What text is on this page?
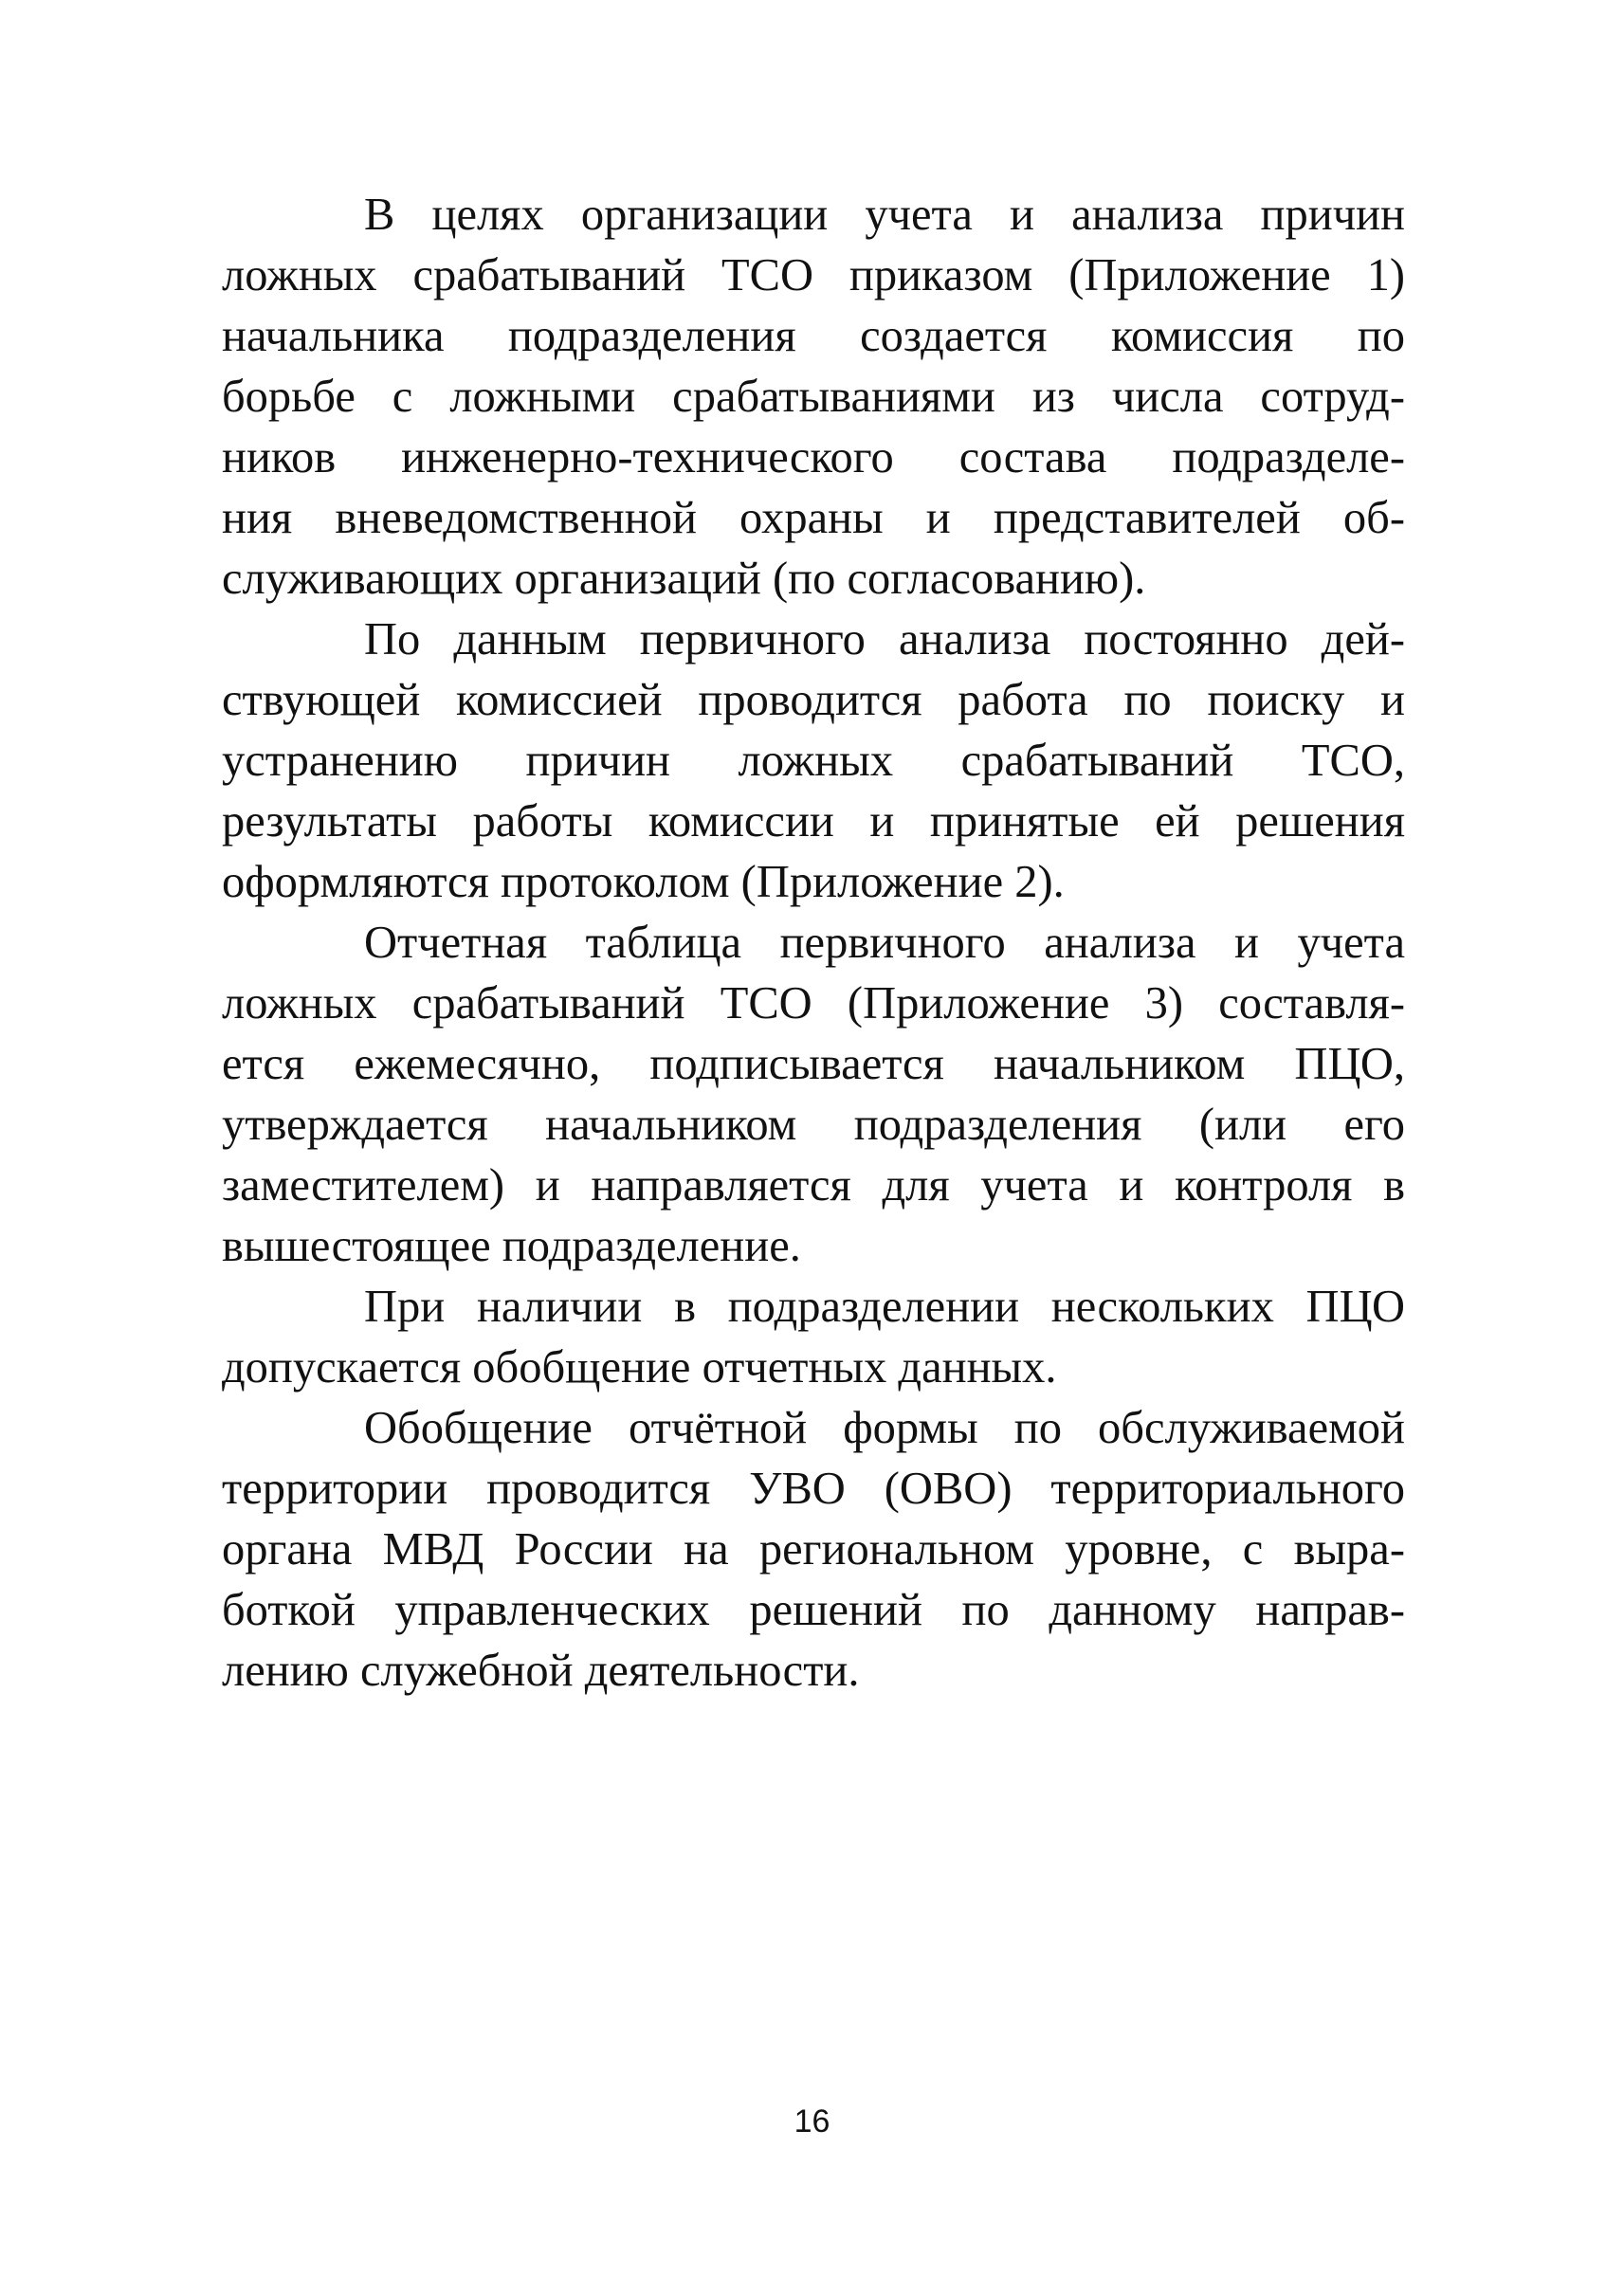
В целях организации учета и анализа причин
ложных срабатываний ТСО приказом (Приложение 1)
начальника подразделения создается комиссия по
борьбе с ложными срабатываниями из числа сотруд-
ников инженерно-технического состава подразделе-
ния вневедомственной охраны и представителей об-
служивающих организаций (по согласованию).

По данным первичного анализа постоянно дей-
ствующей комиссией проводится работа по поиску и
устранению причин ложных срабатываний ТСО,
результаты работы комиссии и принятые ей решения
оформляются протоколом (Приложение 2).

Отчетная таблица первичного анализа и учета
ложных срабатываний ТСО (Приложение 3) составля-
ется ежемесячно, подписывается начальником ПЦО,
утверждается начальником подразделения (или его
заместителем) и направляется для учета и контроля в
вышестоящее подразделение.

При наличии в подразделении нескольких ПЦО
допускается обобщение отчетных данных.

Обобщение отчётной формы по обслуживаемой
территории проводится УВО (ОВО) территориального
органа МВД России на региональном уровне, с выра-
боткой управленческих решений по данному направ-
лению служебной деятельности.

16
